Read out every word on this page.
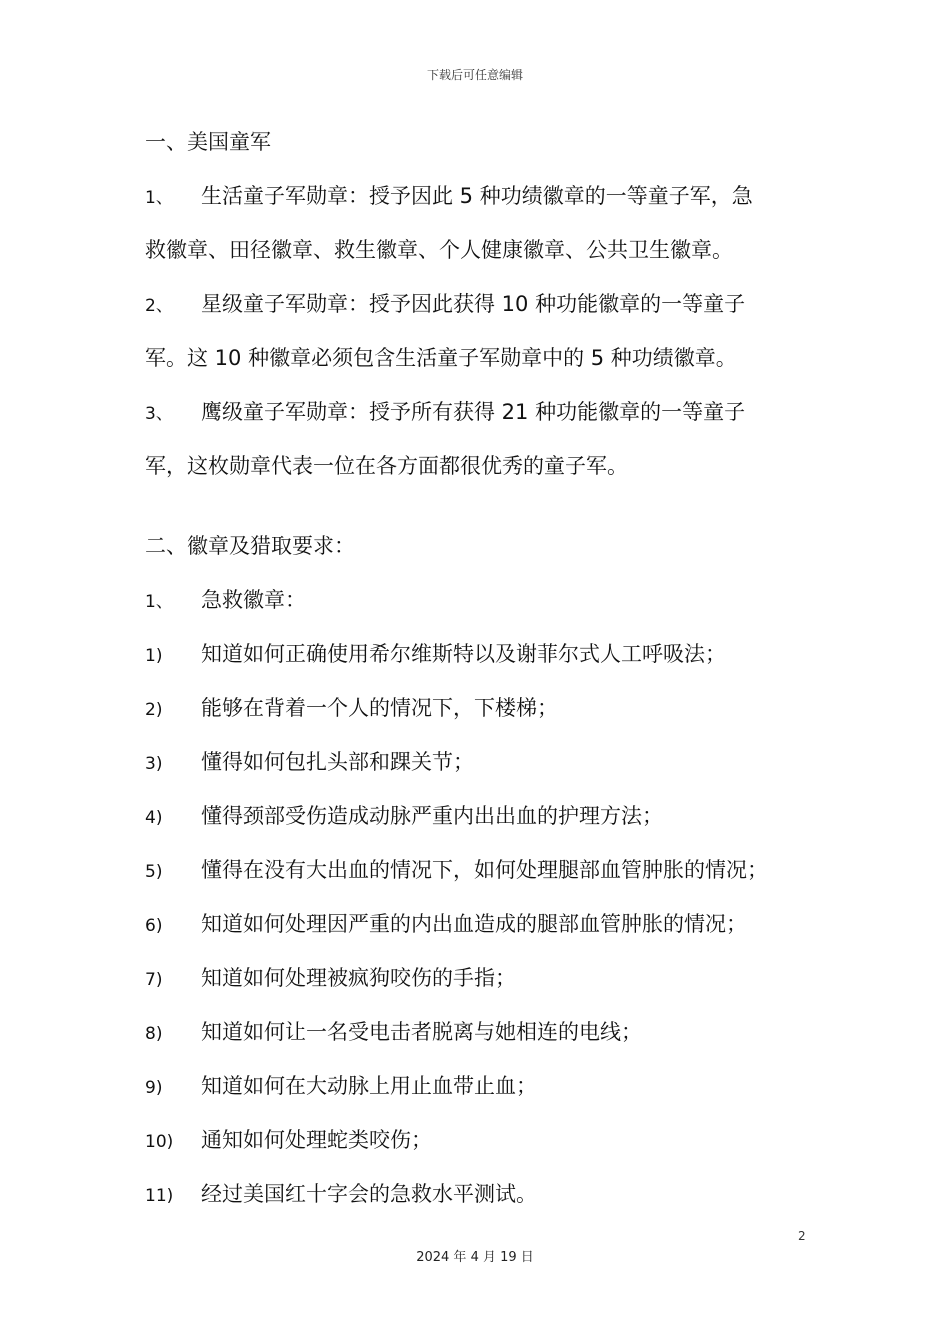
下载后可任意编辑
一、美国童军
1、 生活童子军勋章：授予因此 5 种功绩徽章的一等童子军，急
救徽章、田径徽章、救生徽章、个人健康徽章、公共卫生徽章。
2、 星级童子军勋章：授予因此获得 10 种功能徽章的一等童子
军。这 10 种徽章必须包含生活童子军勋章中的 5 种功绩徽章。
3、 鹰级童子军勋章：授予所有获得 21 种功能徽章的一等童子
军，这枚勋章代表一位在各方面都很优秀的童子军。
二、徽章及猎取要求：
1、 急救徽章：
1) 知道如何正确使用希尔维斯特以及谢菲尔式人工呼吸法；
2) 能够在背着一个人的情况下，下楼梯；
3) 懂得如何包扎头部和踝关节；
4) 懂得颈部受伤造成动脉严重内出出血的护理方法；
5) 懂得在没有大出血的情况下，如何处理腿部血管肿胀的情况；
6) 知道如何处理因严重的内出血造成的腿部血管肿胀的情况；
7) 知道如何处理被疯狗咬伤的手指；
8) 知道如何让一名受电击者脱离与她相连的电线；
9) 知道如何在大动脉上用止血带止血；
10) 通知如何处理蛇类咬伤；
11) 经过美国红十字会的急救水平测试。
2
2024 年 4 月 19 日
